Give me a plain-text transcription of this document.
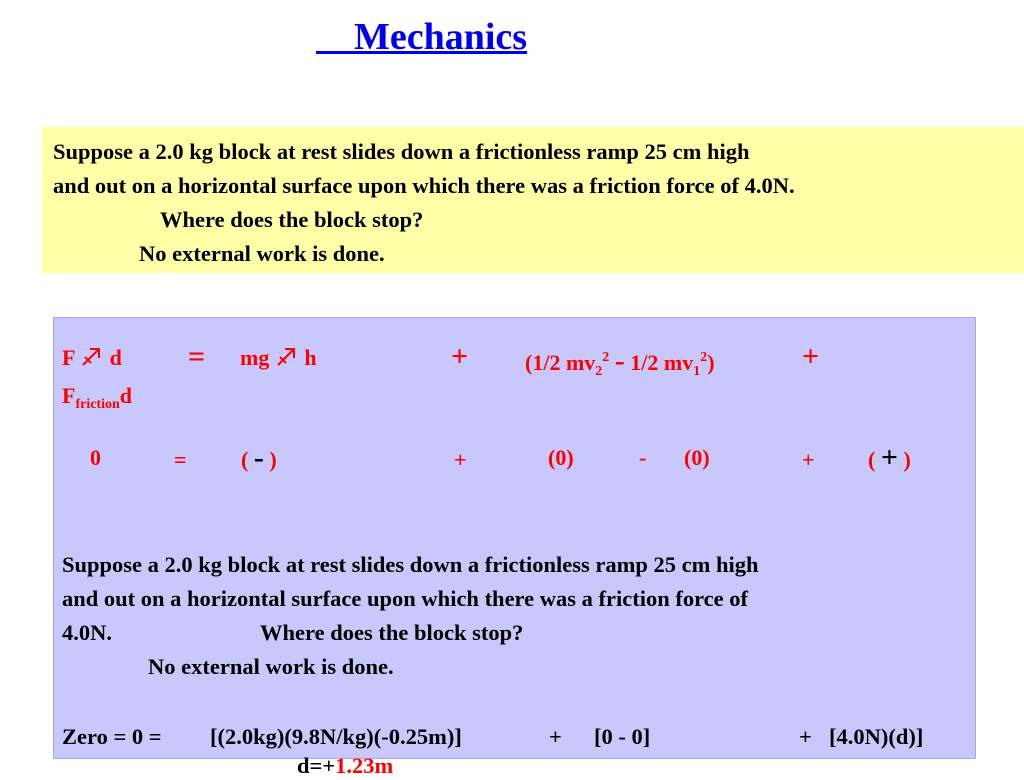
Mechanics
Suppose a 2.0 kg block at rest slides down a frictionless ramp 25 cm high
and out on a horizontal surface upon which there was a friction force of 4.0N.
Where does the block stop?
No external work is done.
F d = mg h	+	(1/2 $mv_2^2 - 1/2$ $mv_1^2$)	+
$F_{friction}d$
0	= ( - )	+	(0)	- (0)	+ ( + )
Suppose a 2.0 kg block at rest slides down a frictionless ramp 25 cm high
and out on a horizontal surface upon which there was a friction force of
4.0N.	Where does the block stop?
No external work is done.
Zero = 0 = [(2.0kg)(9.8N/kg)(-0.25m)]	+ [0 - 0]	+ [4.0N)(d)]
d=+1.23m
